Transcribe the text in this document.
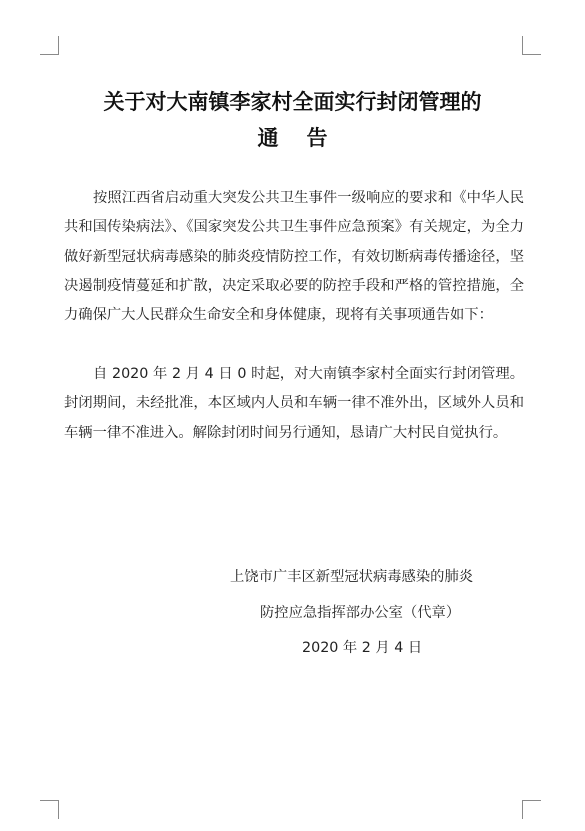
关于对大南镇李家村全面实行封闭管理的
通告

按照江西省启动重大突发公共卫生事件一级响应的要求和《中华人民共和国传染病法》、《国家突发公共卫生事件应急预案》有关规定，为全力做好新型冠状病毒感染的肺炎疫情防控工作，有效切断病毒传播途径，坚决遏制疫情蔓延和扩散，决定采取必要的防控手段和严格的管控措施，全力确保广大人民群众生命安全和身体健康，现将有关事项通告如下：

自 2020 年 2 月 4 日 0 时起，对大南镇李家村全面实行封闭管理。封闭期间，未经批准，本区域内人员和车辆一律不准外出，区域外人员和车辆一律不准进入。解除封闭时间另行通知，恳请广大村民自觉执行。

上饶市广丰区新型冠状病毒感染的肺炎

防控应急指挥部办公室（代章）

2020 年 2 月 4 日
